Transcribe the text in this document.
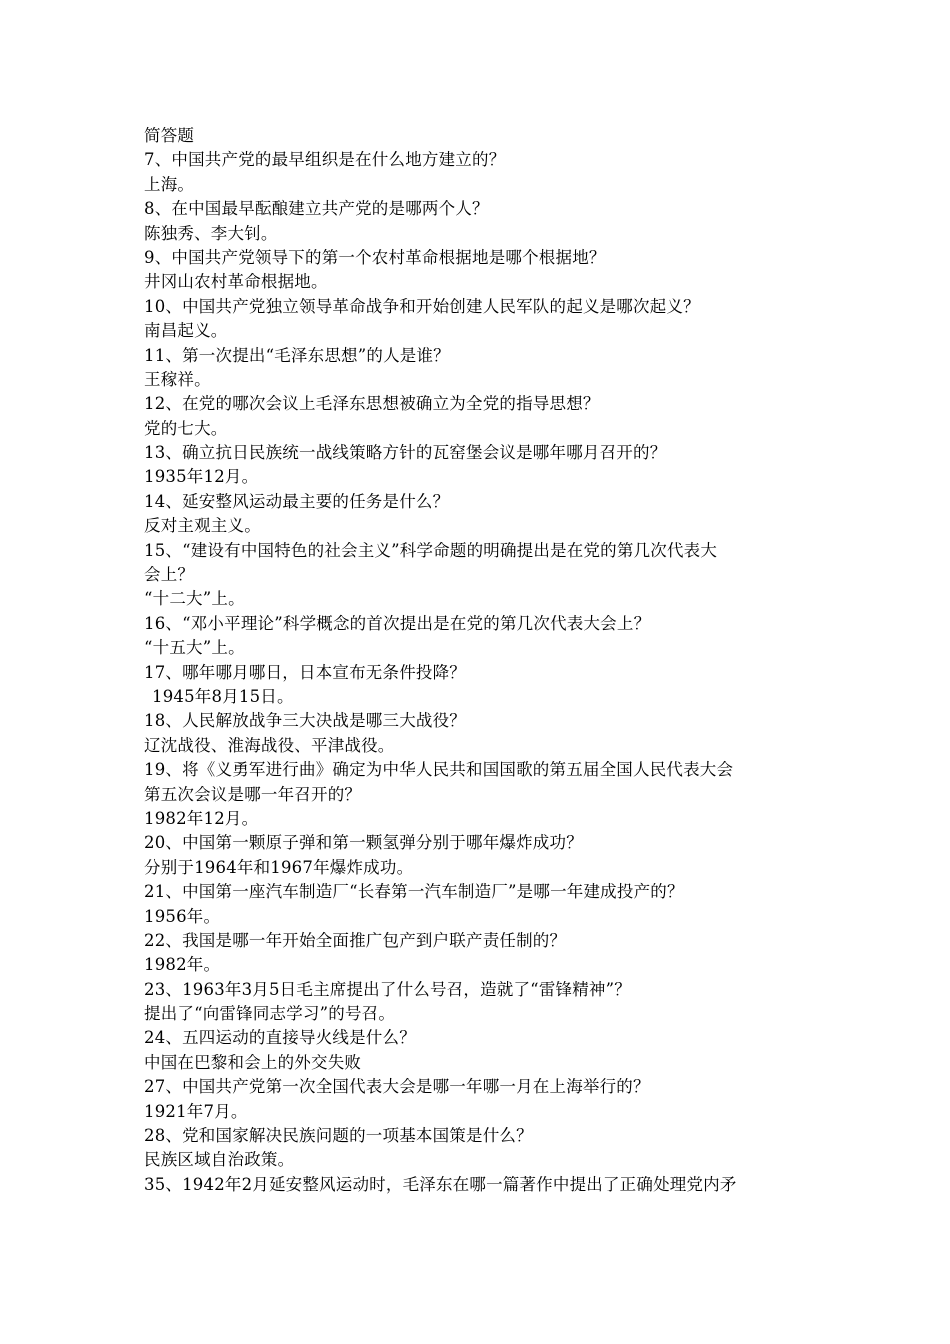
简答题
7、中国共产党的最早组织是在什么地方建立的？
上海。
8、在中国最早酝酿建立共产党的是哪两个人？
陈独秀、李大钊。
9、中国共产党领导下的第一个农村革命根据地是哪个根据地？
井冈山农村革命根据地。
10、中国共产党独立领导革命战争和开始创建人民军队的起义是哪次起义？
南昌起义。
11、第一次提出“毛泽东思想”的人是谁？
王稼祥。
12、在党的哪次会议上毛泽东思想被确立为全党的指导思想？
党的七大。
13、确立抗日民族统一战线策略方针的瓦窑堡会议是哪年哪月召开的？
1935年12月。
14、延安整风运动最主要的任务是什么？
反对主观主义。
15、“建设有中国特色的社会主义”科学命题的明确提出是在党的第几次代表大
会上？
“十二大”上。
16、“邓小平理论”科学概念的首次提出是在党的第几次代表大会上？
“十五大”上。
17、哪年哪月哪日，日本宣布无条件投降？
1945年8月15日。
18、人民解放战争三大决战是哪三大战役？
辽沈战役、淮海战役、平津战役。
19、将《义勇军进行曲》确定为中华人民共和国国歌的第五届全国人民代表大会
第五次会议是哪一年召开的？
1982年12月。
20、中国第一颗原子弹和第一颗氢弹分别于哪年爆炸成功？
分别于1964年和1967年爆炸成功。
21、中国第一座汽车制造厂“长春第一汽车制造厂”是哪一年建成投产的？
1956年。
22、我国是哪一年开始全面推广包产到户联产责任制的？
1982年。
23、1963年3月5日毛主席提出了什么号召，造就了“雷锋精神”？
提出了“向雷锋同志学习”的号召。
24、五四运动的直接导火线是什么？
中国在巴黎和会上的外交失败
27、中国共产党第一次全国代表大会是哪一年哪一月在上海举行的？
1921年7月。
28、党和国家解决民族问题的一项基本国策是什么？
民族区域自治政策。
35、1942年2月延安整风运动时，毛泽东在哪一篇著作中提出了正确处理党内矛
